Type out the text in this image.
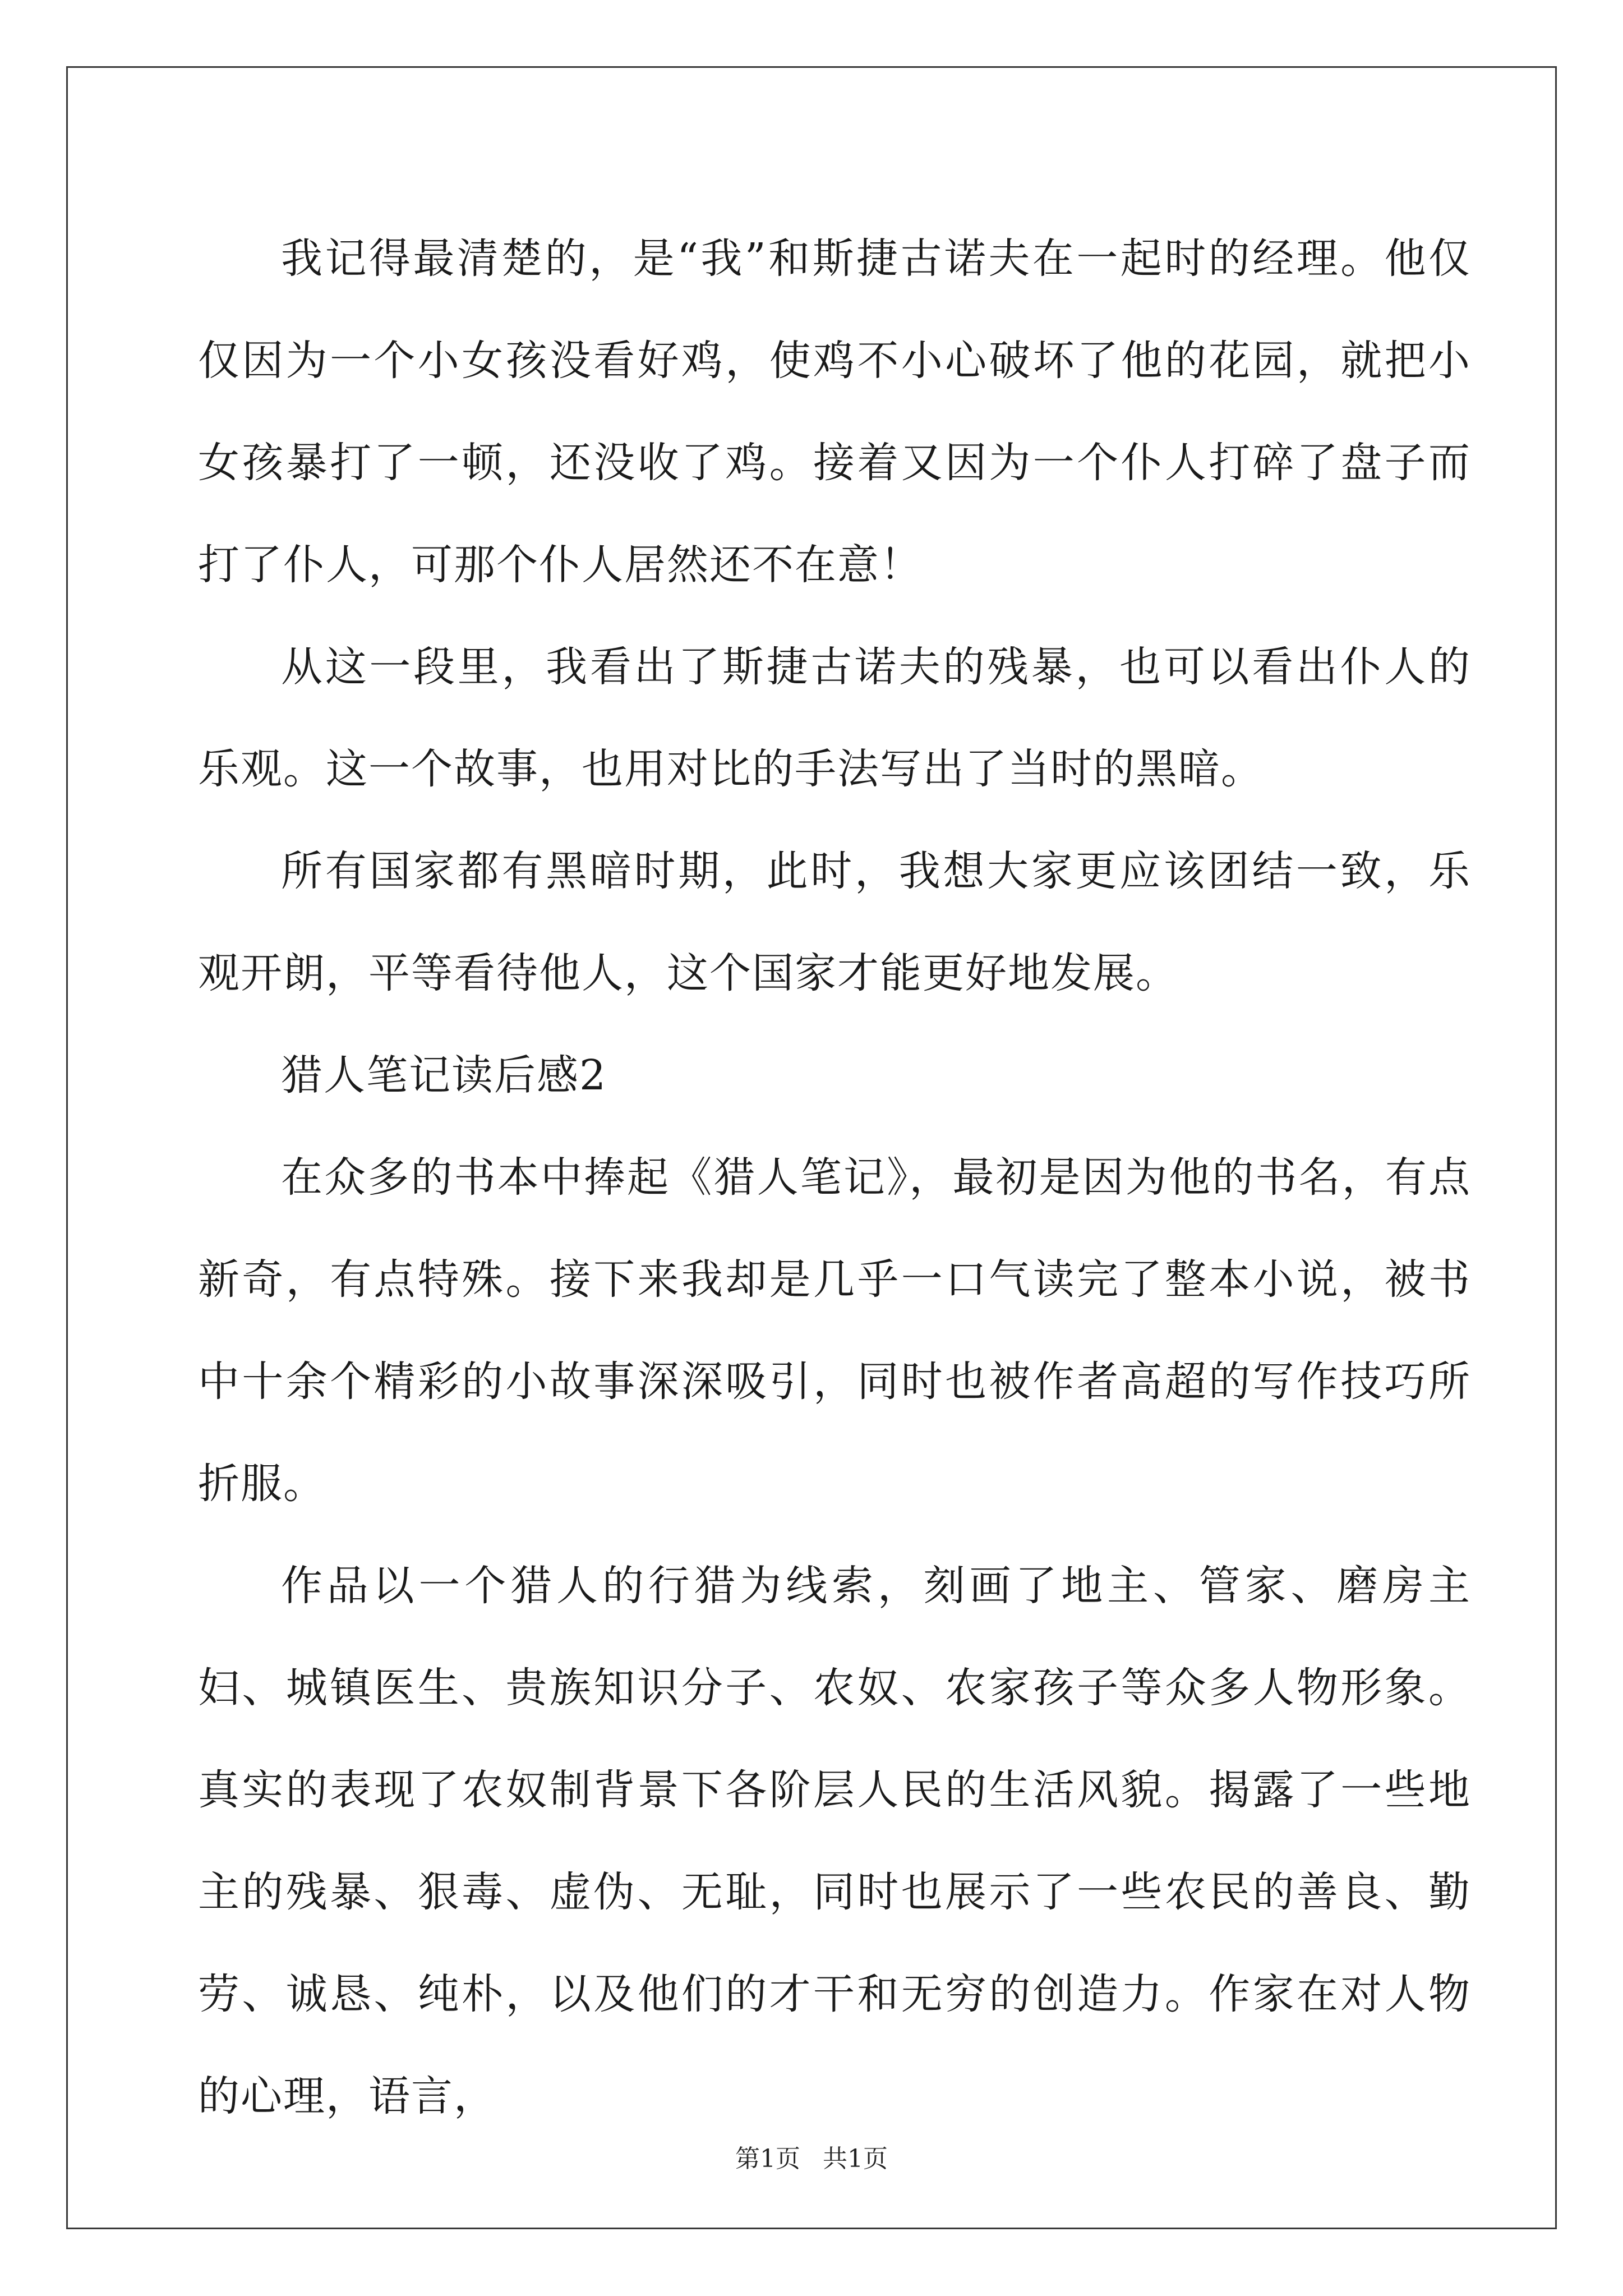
我记得最清楚的，是“我”和斯捷古诺夫在一起时的经理。他仅仅因为一个小女孩没看好鸡，使鸡不小心破坏了他的花园，就把小女孩暴打了一顿，还没收了鸡。接着又因为一个仆人打碎了盘子而打了仆人，可那个仆人居然还不在意！

从这一段里，我看出了斯捷古诺夫的残暴，也可以看出仆人的乐观。这一个故事，也用对比的手法写出了当时的黑暗。

所有国家都有黑暗时期，此时，我想大家更应该团结一致，乐观开朗，平等看待他人，这个国家才能更好地发展。

猎人笔记读后感2

在众多的书本中捧起《猎人笔记》，最初是因为他的书名，有点新奇，有点特殊。接下来我却是几乎一口气读完了整本小说，被书中十余个精彩的小故事深深吸引，同时也被作者高超的写作技巧所折服。

作品以一个猎人的行猎为线索，刻画了地主、管家、磨房主妇、城镇医生、贵族知识分子、农奴、农家孩子等众多人物形象。真实的表现了农奴制背景下各阶层人民的生活风貌。揭露了一些地主的残暴、狠毒、虚伪、无耻，同时也展示了一些农民的善良、勤劳、诚恳、纯朴，以及他们的才干和无穷的创造力。作家在对人物的心理，语言，

第1页 共1页
